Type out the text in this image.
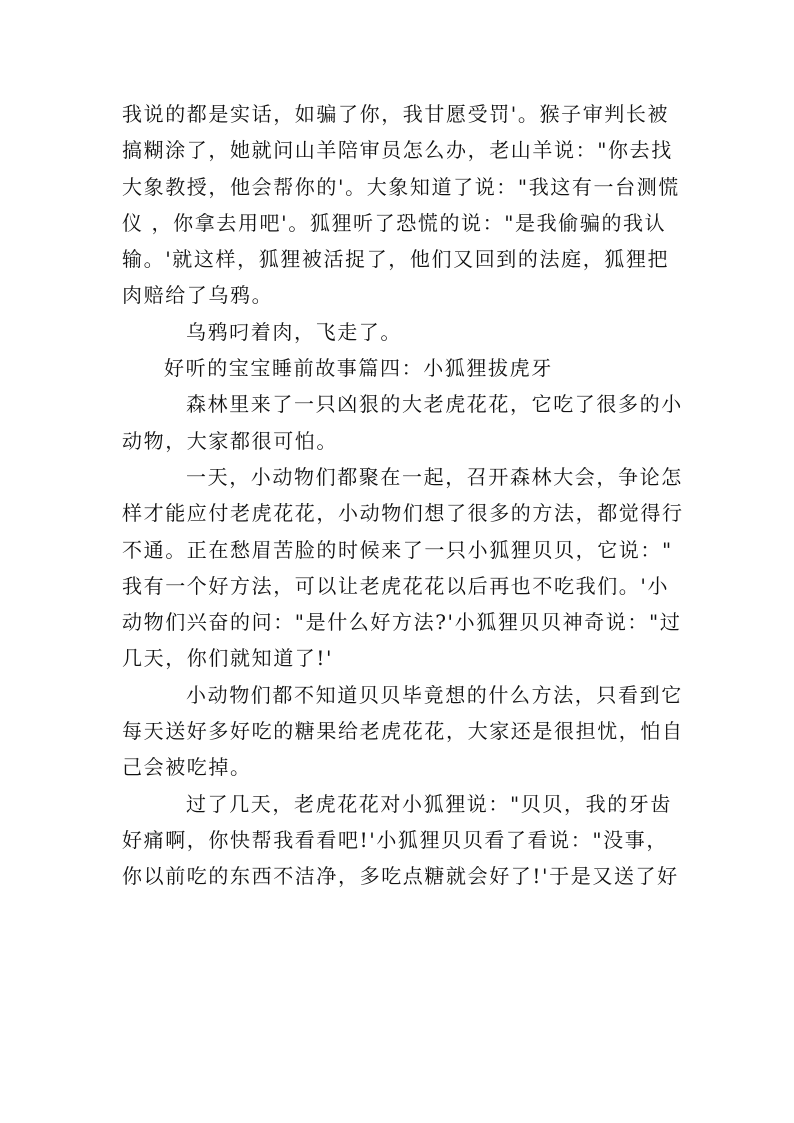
我说的都是实话，如骗了你，我甘愿受罚'。猴子审判长被
搞糊涂了，她就问山羊陪审员怎么办，老山羊说："你去找
大象教授，他会帮你的'。大象知道了说："我这有一台测慌
仪 ，你拿去用吧'。狐狸听了恐慌的说："是我偷骗的我认
输。'就这样，狐狸被活捉了，他们又回到的法庭，狐狸把
肉赔给了乌鸦。
乌鸦叼着肉，飞走了。
好听的宝宝睡前故事篇四：小狐狸拔虎牙
森林里来了一只凶狠的大老虎花花，它吃了很多的小
动物，大家都很可怕。
一天，小动物们都聚在一起，召开森林大会，争论怎
样才能应付老虎花花，小动物们想了很多的方法，都觉得行
不通。正在愁眉苦脸的时候来了一只小狐狸贝贝，它说："
我有一个好方法，可以让老虎花花以后再也不吃我们。'小
动物们兴奋的问："是什么好方法?'小狐狸贝贝神奇说："过
几天，你们就知道了!'
小动物们都不知道贝贝毕竟想的什么方法，只看到它
每天送好多好吃的糖果给老虎花花，大家还是很担忧，怕自
己会被吃掉。
过了几天，老虎花花对小狐狸说："贝贝，我的牙齿
好痛啊，你快帮我看看吧!'小狐狸贝贝看了看说："没事，
你以前吃的东西不洁净，多吃点糖就会好了!'于是又送了好
